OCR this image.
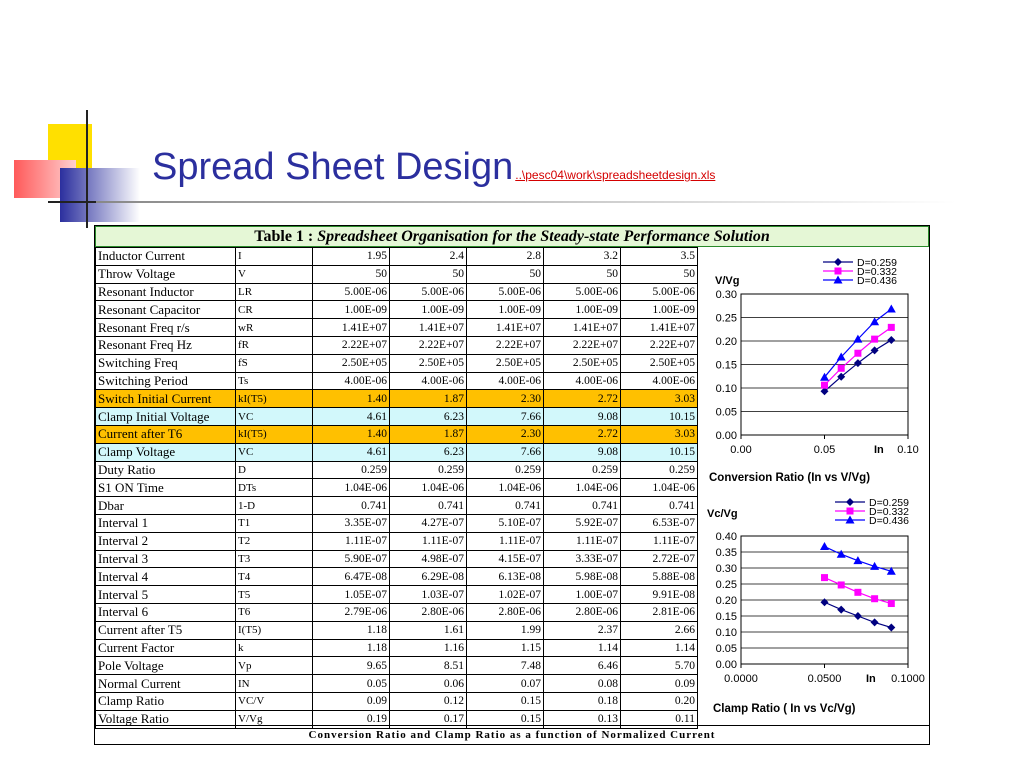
Spread Sheet Design ..\pesc04\work\spreadsheetdesign.xls
Table 1 : Spreadsheet Organisation for the Steady-state Performance Solution
Inductor Current	I	1.95	2.4	2.8	3.2	3.5
Throw Voltage	V	50	50	50	50	50
Resonant Inductor	LR	5.00E-06	5.00E-06	5.00E-06	5.00E-06	5.00E-06
Resonant Capacitor	CR	1.00E-09	1.00E-09	1.00E-09	1.00E-09	1.00E-09
Resonant Freq r/s	wR	1.41E+07	1.41E+07	1.41E+07	1.41E+07	1.41E+07
Resonant Freq Hz	fR	2.22E+07	2.22E+07	2.22E+07	2.22E+07	2.22E+07
Switching Freq	fS	2.50E+05	2.50E+05	2.50E+05	2.50E+05	2.50E+05
Switching Period	Ts	4.00E-06	4.00E-06	4.00E-06	4.00E-06	4.00E-06
Switch Initial Current	kI(T5)	1.40	1.87	2.30	2.72	3.03
Clamp Initial Voltage	VC	4.61	6.23	7.66	9.08	10.15
Current after T6	kI(T5)	1.40	1.87	2.30	2.72	3.03
Clamp Voltage	VC	4.61	6.23	7.66	9.08	10.15
Duty Ratio	D	0.259	0.259	0.259	0.259	0.259
S1 ON Time	DTs	1.04E-06	1.04E-06	1.04E-06	1.04E-06	1.04E-06
Dbar	1-D	0.741	0.741	0.741	0.741	0.741
Interval 1	T1	3.35E-07	4.27E-07	5.10E-07	5.92E-07	6.53E-07
Interval 2	T2	1.11E-07	1.11E-07	1.11E-07	1.11E-07	1.11E-07
Interval 3	T3	5.90E-07	4.98E-07	4.15E-07	3.33E-07	2.72E-07
Interval 4	T4	6.47E-08	6.29E-08	6.13E-08	5.98E-08	5.88E-08
Interval 5	T5	1.05E-07	1.03E-07	1.02E-07	1.00E-07	9.91E-08
Interval 6	T6	2.79E-06	2.80E-06	2.80E-06	2.80E-06	2.81E-06
Current after T5	I(T5)	1.18	1.61	1.99	2.37	2.66
Current Factor	k	1.18	1.16	1.15	1.14	1.14
Pole Voltage	Vp	9.65	8.51	7.48	6.46	5.70
Normal Current	IN	0.05	0.06	0.07	0.08	0.09
Clamp Ratio	VC/V	0.09	0.12	0.15	0.18	0.20
Voltage Ratio	V/Vg	0.19	0.17	0.15	0.13	0.11
Conversion Ratio and Clamp Ratio as a function of Normalized Current
0.00
0.05
0.10
0.15
0.20
0.25
0.30
0.00	0.05	0.10
V/Vg
In
Conversion Ratio (In vs V/Vg)
D=0.259
D=0.332
D=0.436
0.00
0.05
0.10
0.15
0.20
0.25
0.30
0.35
0.40
0.0000	0.0500	0.1000
Vc/Vg
In
Clamp Ratio ( In vs Vc/Vg)
D=0.259
D=0.332
D=0.436
